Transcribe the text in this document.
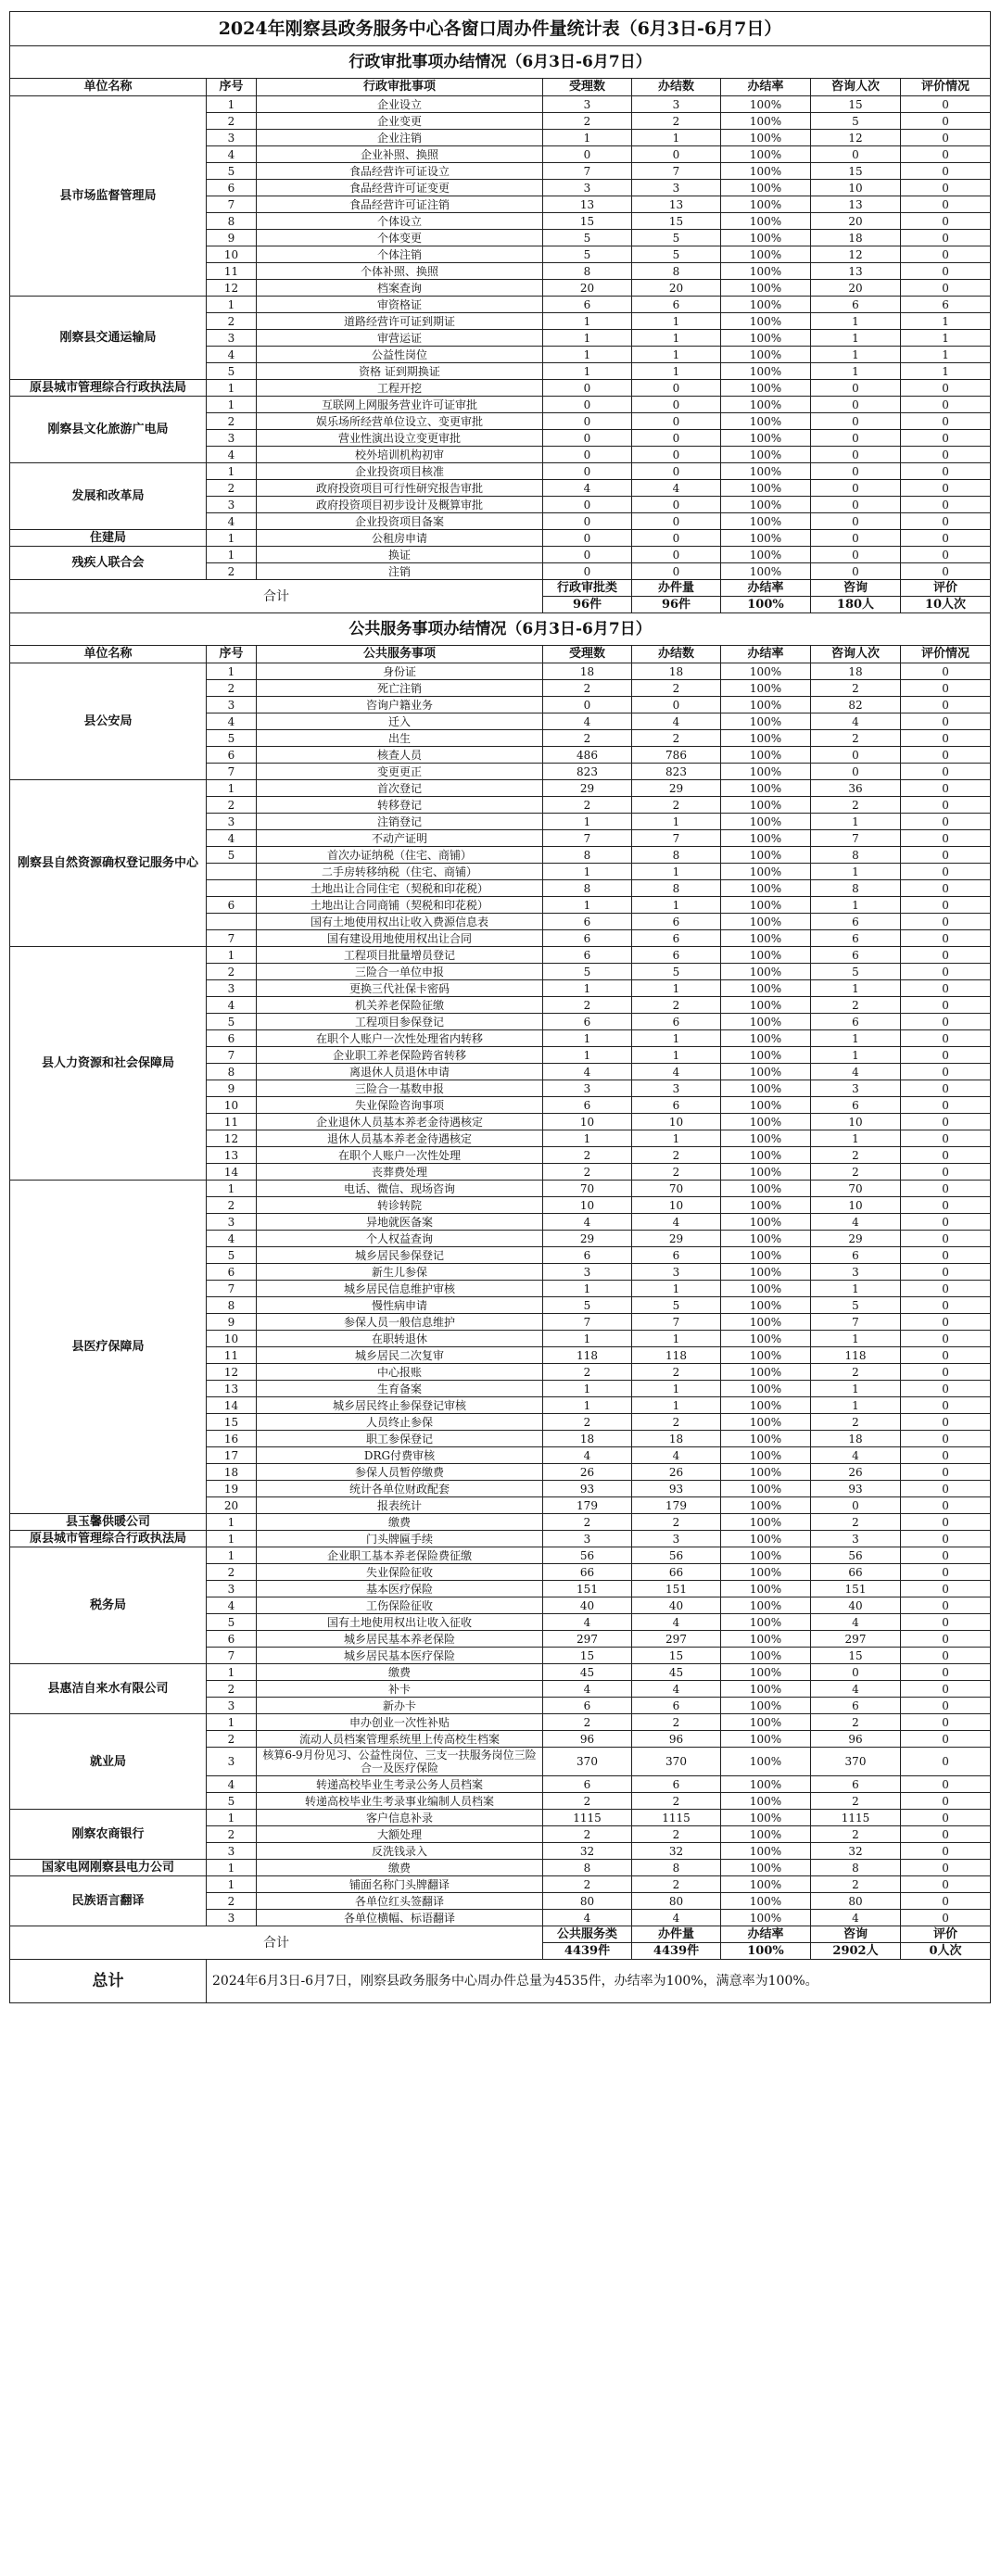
2024年刚察县政务服务中心各窗口周办件量统计表（6月3日-6月7日）							
行政审批事项办结情况（6月3日-6月7日）							
单位名称	序号	行政审批事项	受理数	办结数	办结率	咨询人次	评价情况
县市场监督管理局	1	企业设立	3	3	100%	15	0
	2	企业变更	2	2	100%	5	0
	3	企业注销	1	1	100%	12	0
	4	企业补照、换照	0	0	100%	0	0
	5	食品经营许可证设立	7	7	100%	15	0
	6	食品经营许可证变更	3	3	100%	10	0
	7	食品经营许可证注销	13	13	100%	13	0
	8	个体设立	15	15	100%	20	0
	9	个体变更	5	5	100%	18	0
	10	个体注销	5	5	100%	12	0
	11	个体补照、换照	8	8	100%	13	0
	12	档案查询	20	20	100%	20	0
刚察县交通运输局	1	审资格证	6	6	100%	6	6
	2	道路经营许可证到期证	1	1	100%	1	1
	3	审营运证	1	1	100%	1	1
	4	公益性岗位	1	1	100%	1	1
	5	资格 证到期换证	1	1	100%	1	1
原县城市管理综合行政执法局	1	工程开挖	0	0	100%	0	0
刚察县文化旅游广电局	1	互联网上网服务营业许可证审批	0	0	100%	0	0
	2	娱乐场所经营单位设立、变更审批	0	0	100%	0	0
	3	营业性演出设立变更审批	0	0	100%	0	0
	4	校外培训机构初审	0	0	100%	0	0
发展和改革局	1	企业投资项目核准	0	0	100%	0	0
	2	政府投资项目可行性研究报告审批	4	4	100%	0	0
	3	政府投资项目初步设计及概算审批	0	0	100%	0	0
	4	企业投资项目备案	0	0	100%	0	0
住建局	1	公租房申请	0	0	100%	0	0
残疾人联合会	1	换证	0	0	100%	0	0
	2	注销	0	0	100%	0	0
合计			行政审批类	办件量	办结率	咨询	评价
			96件	96件	100%	180人	10人次
公共服务事项办结情况（6月3日-6月7日）							
单位名称	序号	公共服务事项	受理数	办结数	办结率	咨询人次	评价情况
县公安局	1	身份证	18	18	100%	18	0
	2	死亡注销	2	2	100%	2	0
	3	咨询户籍业务	0	0	100%	82	0
	4	迁入	4	4	100%	4	0
	5	出生	2	2	100%	2	0
	6	核查人员	486	786	100%	0	0
	7	变更更正	823	823	100%	0	0
刚察县自然资源确权登记服务中心	1	首次登记	29	29	100%	36	0
	2	转移登记	2	2	100%	2	0
	3	注销登记	1	1	100%	1	0
	4	不动产证明	7	7	100%	7	0
	5	首次办证纳税（住宅、商铺）	8	8	100%	8	0
		二手房转移纳税（住宅、商铺）	1	1	100%	1	0
		土地出让合同住宅（契税和印花税）	8	8	100%	8	0
	6	土地出让合同商铺（契税和印花税）	1	1	100%	1	0
		国有土地使用权出让收入费源信息表	6	6	100%	6	0
	7	国有建设用地使用权出让合同	6	6	100%	6	0
县人力资源和社会保障局	1	工程项目批量增员登记	6	6	100%	6	0
	2	三险合一单位申报	5	5	100%	5	0
	3	更换三代社保卡密码	1	1	100%	1	0
	4	机关养老保险征缴	2	2	100%	2	0
	5	工程项目参保登记	6	6	100%	6	0
	6	在职个人账户一次性处理省内转移	1	1	100%	1	0
	7	企业职工养老保险跨省转移	1	1	100%	1	0
	8	离退休人员退休申请	4	4	100%	4	0
	9	三险合一基数申报	3	3	100%	3	0
	10	失业保险咨询事项	6	6	100%	6	0
	11	企业退休人员基本养老金待遇核定	10	10	100%	10	0
	12	退休人员基本养老金待遇核定	1	1	100%	1	0
	13	在职个人账户一次性处理	2	2	100%	2	0
	14	丧葬费处理	2	2	100%	2	0
县医疗保障局	1	电话、微信、现场咨询	70	70	100%	70	0
	2	转诊转院	10	10	100%	10	0
	3	异地就医备案	4	4	100%	4	0
	4	个人权益查询	29	29	100%	29	0
	5	城乡居民参保登记	6	6	100%	6	0
	6	新生儿参保	3	3	100%	3	0
	7	城乡居民信息维护审核	1	1	100%	1	0
	8	慢性病申请	5	5	100%	5	0
	9	参保人员一般信息维护	7	7	100%	7	0
	10	在职转退休	1	1	100%	1	0
	11	城乡居民二次复审	118	118	100%	118	0
	12	中心报账	2	2	100%	2	0
	13	生育备案	1	1	100%	1	0
	14	城乡居民终止参保登记审核	1	1	100%	1	0
	15	人员终止参保	2	2	100%	2	0
	16	职工参保登记	18	18	100%	18	0
	17	DRG付费审核	4	4	100%	4	0
	18	参保人员暂停缴费	26	26	100%	26	0
	19	统计各单位财政配套	93	93	100%	93	0
	20	报表统计	179	179	100%	0	0
县玉馨供暖公司	1	缴费	2	2	100%	2	0
原县城市管理综合行政执法局	1	门头牌匾手续	3	3	100%	3	0
税务局	1	企业职工基本养老保险费征缴	56	56	100%	56	0
	2	失业保险征收	66	66	100%	66	0
	3	基本医疗保险	151	151	100%	151	0
	4	工伤保险征收	40	40	100%	40	0
	5	国有土地使用权出让收入征收	4	4	100%	4	0
	6	城乡居民基本养老保险	297	297	100%	297	0
	7	城乡居民基本医疗保险	15	15	100%	15	0
县惠洁自来水有限公司	1	缴费	45	45	100%	0	0
	2	补卡	4	4	100%	4	0
	3	新办卡	6	6	100%	6	0
就业局	1	申办创业一次性补贴	2	2	100%	2	0
	2	流动人员档案管理系统里上传高校生档案	96	96	100%	96	0
	3	核算6-9月份见习、公益性岗位、三支一扶服务岗位三险合一及医疗保险	370	370	100%	370	0
	4	转递高校毕业生考录公务人员档案	6	6	100%	6	0
	5	转递高校毕业生考录事业编制人员档案	2	2	100%	2	0
刚察农商银行	1	客户信息补录	1115	1115	100%	1115	0
	2	大额处理	2	2	100%	2	0
	3	反洗钱录入	32	32	100%	32	0
国家电网刚察县电力公司	1	缴费	8	8	100%	8	0
民族语言翻译	1	铺面名称门头牌翻译	2	2	100%	2	0
	2	各单位红头签翻译	80	80	100%	80	0
	3	各单位横幅、标语翻译	4	4	100%	4	0
合计			公共服务类	办件量	办结率	咨询	评价
			4439件	4439件	100%	2902人	0人次
总计	2024年6月3日-6月7日，刚察县政务服务中心周办件总量为4535件，办结率为100%，满意率为100%。						
